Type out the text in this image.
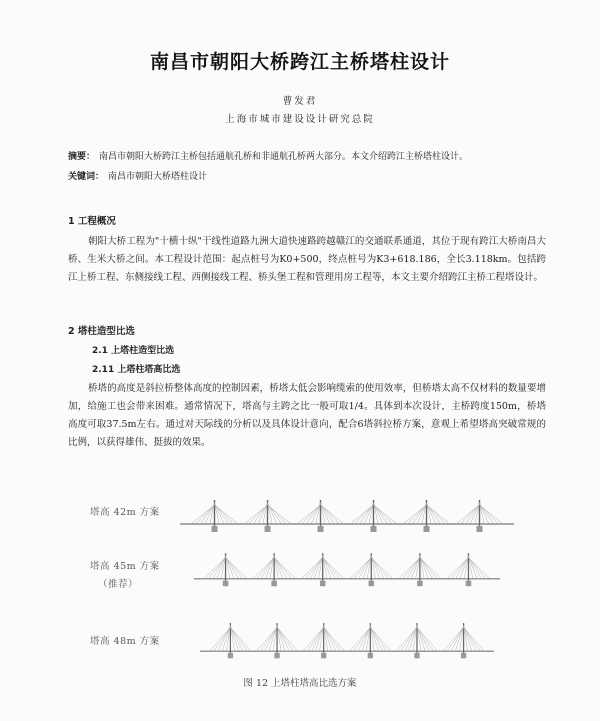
南昌市朝阳大桥跨江主桥塔柱设计
曹发君
上海市城市建设设计研究总院
摘要： 南昌市朝阳大桥跨江主桥包括通航孔桥和非通航孔桥两大部分。本文介绍跨江主桥塔柱设计。
关键词： 南昌市朝阳大桥塔柱设计
1 工程概况

朝阳大桥工程为"十横十纵"干线性道路九洲大道快速路跨越赣江的交通联系通道，其位于现有跨江大桥南昌大桥、生米大桥之间。本工程设计范围：起点桩号为K0+500，终点桩号为K3+618.186，全长3.118km。包括跨江上桥工程、东侧接线工程、西侧接线工程、桥头堡工程和管理用房工程等，本文主要介绍跨江主桥工程塔设计。

2 塔柱造型比选
2.1 上塔柱造型比选
2.11 上塔柱塔高比选

桥塔的高度是斜拉桥整体高度的控制因素，桥塔太低会影响缆索的使用效率，但桥塔太高不仅材料的数量要增加，给施工也会带来困难。通常情况下，塔高与主跨之比一般可取1/4。具体到本次设计，主桥跨度150m，桥塔高度可取37.5m左右。通过对天际线的分析以及具体设计意向，配合6塔斜拉桥方案，意观上希望塔高突破常规的比例，以获得雄伟、挺拔的效果。

塔高 42m 方案
塔高 45m 方案
（推荐）
塔高 48m 方案
图 12 上塔柱塔高比选方案
